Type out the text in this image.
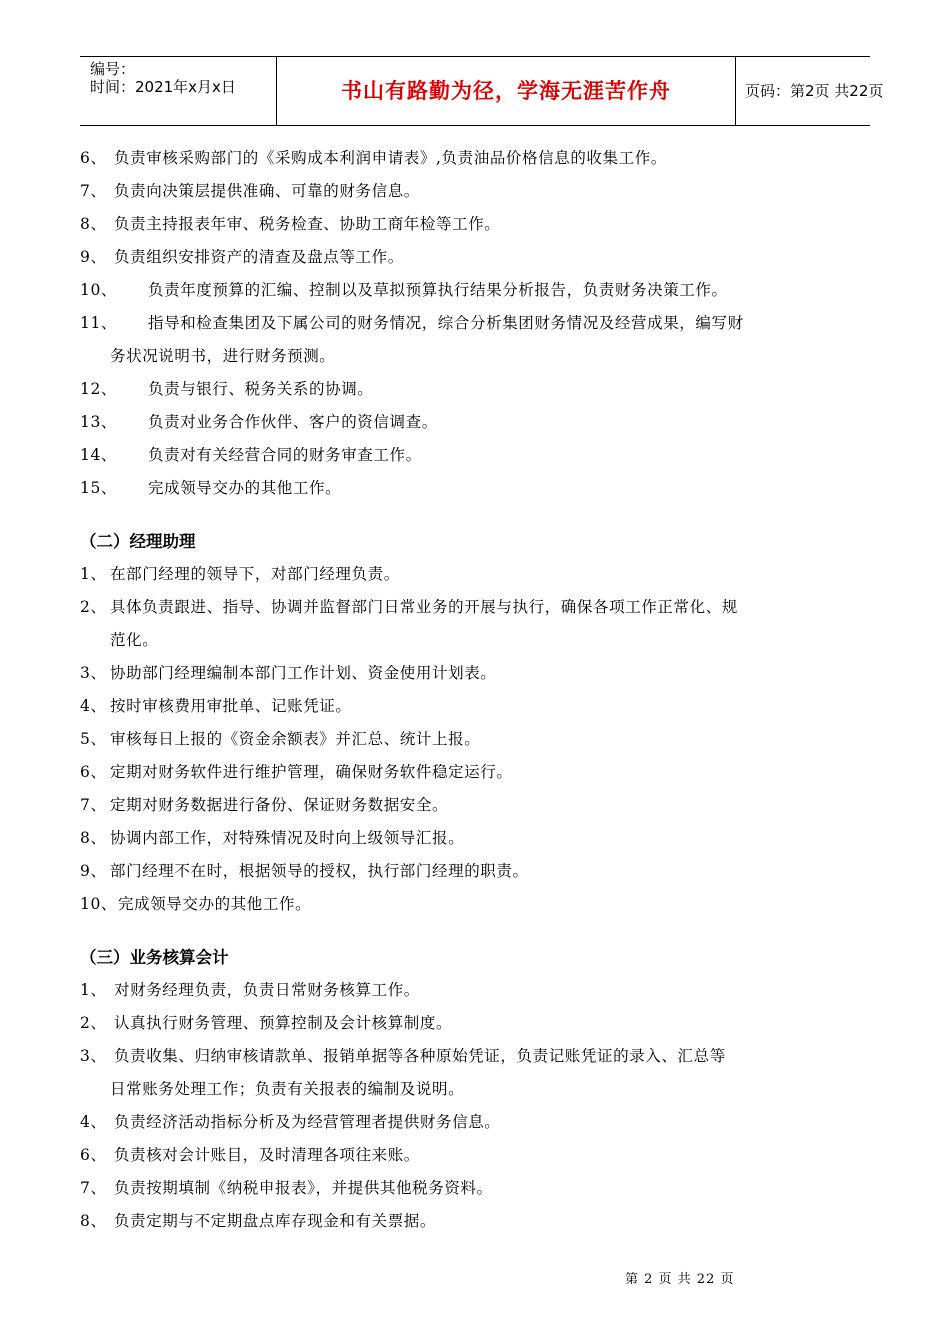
编号：
时间：2021年x月x日	书山有路勤为径，学海无涯苦作舟	页码：第2页 共22页
6、 负责审核采购部门的《采购成本利润申请表》,负责油品价格信息的收集工作。
7、 负责向决策层提供准确、可靠的财务信息。
8、 负责主持报表年审、税务检查、协助工商年检等工作。
9、 负责组织安排资产的清查及盘点等工作。
10、 负责年度预算的汇编、控制以及草拟预算执行结果分析报告，负责财务决策工作。
11、 指导和检查集团及下属公司的财务情况，综合分析集团财务情况及经营成果，编写财
务状况说明书，进行财务预测。
12、 负责与银行、税务关系的协调。
13、 负责对业务合作伙伴、客户的资信调查。
14、 负责对有关经营合同的财务审查工作。
15、 完成领导交办的其他工作。
（二）经理助理
1、 在部门经理的领导下，对部门经理负责。
2、 具体负责跟进、指导、协调并监督部门日常业务的开展与执行，确保各项工作正常化、规
范化。
3、 协助部门经理编制本部门工作计划、资金使用计划表。
4、 按时审核费用审批单、记账凭证。
5、 审核每日上报的《资金余额表》并汇总、统计上报。
6、 定期对财务软件进行维护管理，确保财务软件稳定运行。
7、 定期对财务数据进行备份、保证财务数据安全。
8、 协调内部工作，对特殊情况及时向上级领导汇报。
9、 部门经理不在时，根据领导的授权，执行部门经理的职责。
10、完成领导交办的其他工作。
（三）业务核算会计
1、 对财务经理负责，负责日常财务核算工作。
2、 认真执行财务管理、预算控制及会计核算制度。
3、 负责收集、归纳审核请款单、报销单据等各种原始凭证，负责记账凭证的录入、汇总等
日常账务处理工作；负责有关报表的编制及说明。
4、 负责经济活动指标分析及为经营管理者提供财务信息。
6、 负责核对会计账目，及时清理各项往来账。
7、 负责按期填制《纳税申报表》，并提供其他税务资料。
8、 负责定期与不定期盘点库存现金和有关票据。
第 2 页 共 22 页
